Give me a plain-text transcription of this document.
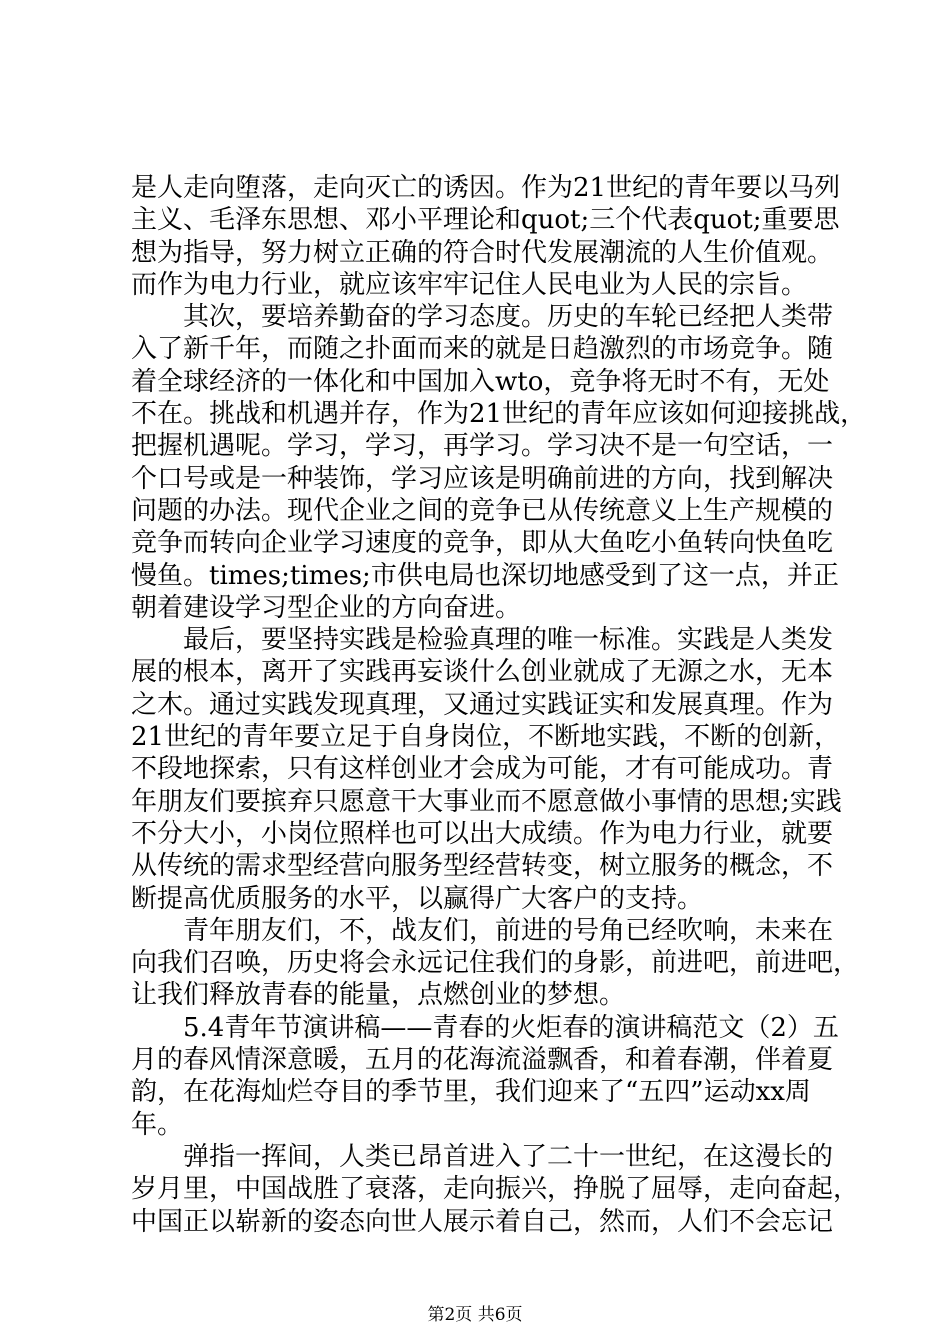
是人走向堕落，走向灭亡的诱因。作为21世纪的青年要以马列
主义、毛泽东思想、邓小平理论和quot;三个代表quot;重要思
想为指导，努力树立正确的符合时代发展潮流的人生价值观。
而作为电力行业，就应该牢牢记住人民电业为人民的宗旨。
　　其次，要培养勤奋的学习态度。历史的车轮已经把人类带
入了新千年，而随之扑面而来的就是日趋激烈的市场竞争。随
着全球经济的一体化和中国加入wto，竞争将无时不有，无处
不在。挑战和机遇并存，作为21世纪的青年应该如何迎接挑战，
把握机遇呢。学习，学习，再学习。学习决不是一句空话，一
个口号或是一种装饰，学习应该是明确前进的方向，找到解决
问题的办法。现代企业之间的竞争已从传统意义上生产规模的
竞争而转向企业学习速度的竞争，即从大鱼吃小鱼转向快鱼吃
慢鱼。times;times;市供电局也深切地感受到了这一点，并正
朝着建设学习型企业的方向奋进。
　　最后，要坚持实践是检验真理的唯一标准。实践是人类发
展的根本，离开了实践再妄谈什么创业就成了无源之水，无本
之木。通过实践发现真理，又通过实践证实和发展真理。作为
21世纪的青年要立足于自身岗位，不断地实践，不断的创新，
不段地探索，只有这样创业才会成为可能，才有可能成功。青
年朋友们要摈弃只愿意干大事业而不愿意做小事情的思想;实践
不分大小，小岗位照样也可以出大成绩。作为电力行业，就要
从传统的需求型经营向服务型经营转变，树立服务的概念，不
断提高优质服务的水平，以赢得广大客户的支持。
　　青年朋友们，不，战友们，前进的号角已经吹响，未来在
向我们召唤，历史将会永远记住我们的身影，前进吧，前进吧，
让我们释放青春的能量，点燃创业的梦想。
　　5.4青年节演讲稿——青春的火炬春的演讲稿范文（2）五
月的春风情深意暖，五月的花海流溢飘香，和着春潮，伴着夏
韵，在花海灿烂夺目的季节里，我们迎来了“五四”运动xx周
年。
　　弹指一挥间，人类已昂首进入了二十一世纪，在这漫长的
岁月里，中国战胜了衰落，走向振兴，挣脱了屈辱，走向奋起，
中国正以崭新的姿态向世人展示着自己，然而，人们不会忘记
第2页 共6页
